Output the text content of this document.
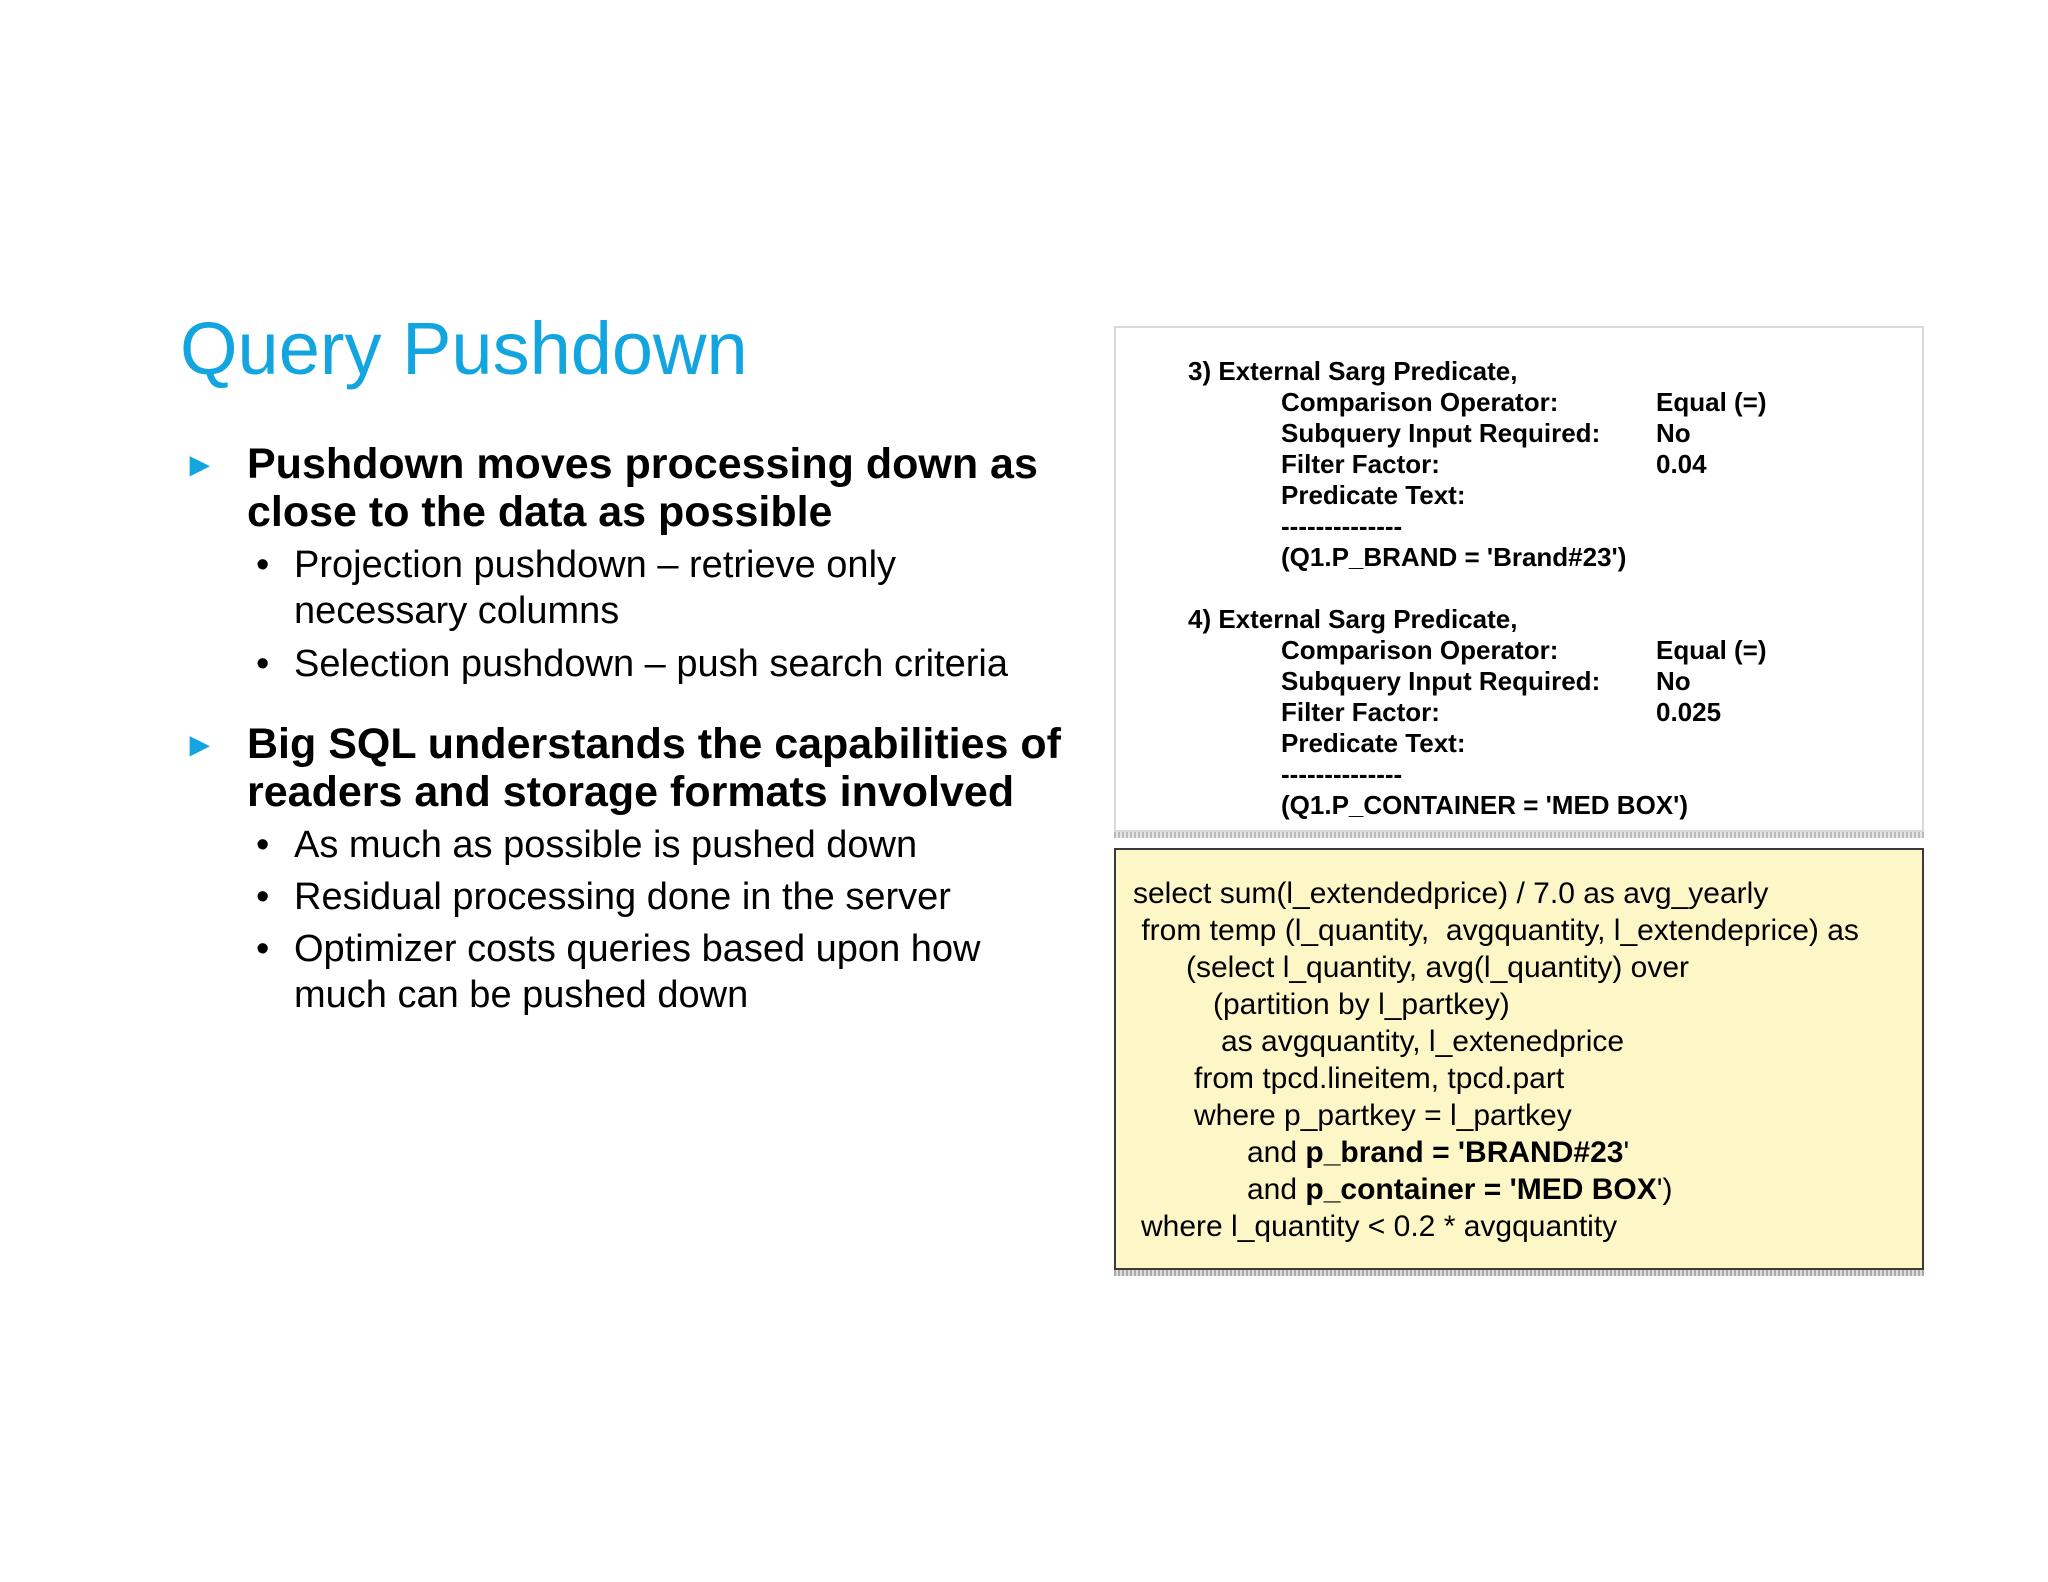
Query Pushdown
► Pushdown moves processing down as close to the data as possible
• Projection pushdown – retrieve only necessary columns
• Selection pushdown – push search criteria
► Big SQL understands the capabilities of readers and storage formats involved
• As much as possible is pushed down
• Residual processing done in the server
• Optimizer costs queries based upon how much can be pushed down
3) External Sarg Predicate,
Comparison Operator:	Equal (=)
Subquery Input Required: No
Filter Factor:	0.04
Predicate Text:
--------------
(Q1.P_BRAND = 'Brand#23')
4) External Sarg Predicate,
Comparison Operator:	Equal (=)
Subquery Input Required: No
Filter Factor:	0.025
Predicate Text:
--------------
(Q1.P_CONTAINER = 'MED BOX')
select sum(l_extendedprice) / 7.0 as avg_yearly
from temp (l_quantity,  avgquantity, l_extendeprice) as
(select l_quantity, avg(l_quantity) over
(partition by l_partkey)
as avgquantity, l_extenedprice
from tpcd.lineitem, tpcd.part
where p_partkey = l_partkey
and p_brand = 'BRAND#23'
and p_container = 'MED BOX')
where l_quantity < 0.2 * avgquantity
